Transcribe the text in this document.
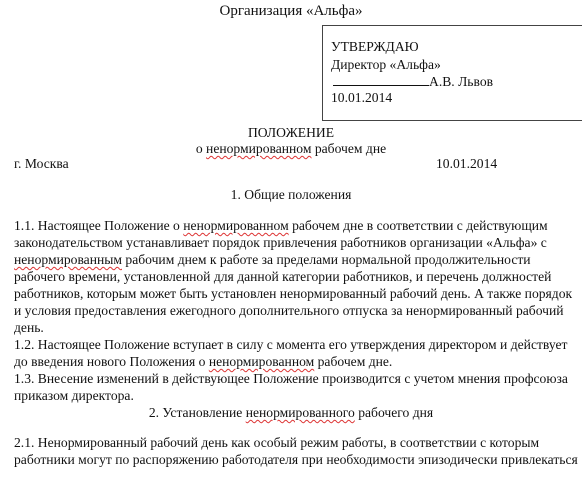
Организация «Альфа»
УТВЕРЖДАЮ
Директор «Альфа»
А.В. Львов
10.01.2014
ПОЛОЖЕНИЕ
о ненормированном рабочем дне
г. Москва	10.01.2014
1. Общие положения
1.1. Настоящее Положение о ненормированном рабочем дне в соответствии с действующим
законодательством устанавливает порядок привлечения работников организации «Альфа» с
ненормированным рабочим днем к работе за пределами нормальной продолжительности
рабочего времени, установленной для данной категории работников, и перечень должностей
работников, которым может быть установлен ненормированный рабочий день. А также порядок
и условия предоставления ежегодного дополнительного отпуска за ненормированный рабочий
день.
1.2. Настоящее Положение вступает в силу с момента его утверждения директором и действует
до введения нового Положения о ненормированном рабочем дне.
1.3. Внесение изменений в действующее Положение производится с учетом мнения профсоюза
приказом директора.
2. Установление ненормированного рабочего дня
2.1. Ненормированный рабочий день как особый режим работы, в соответствии с которым
работники могут по распоряжению работодателя при необходимости эпизодически привлекаться
